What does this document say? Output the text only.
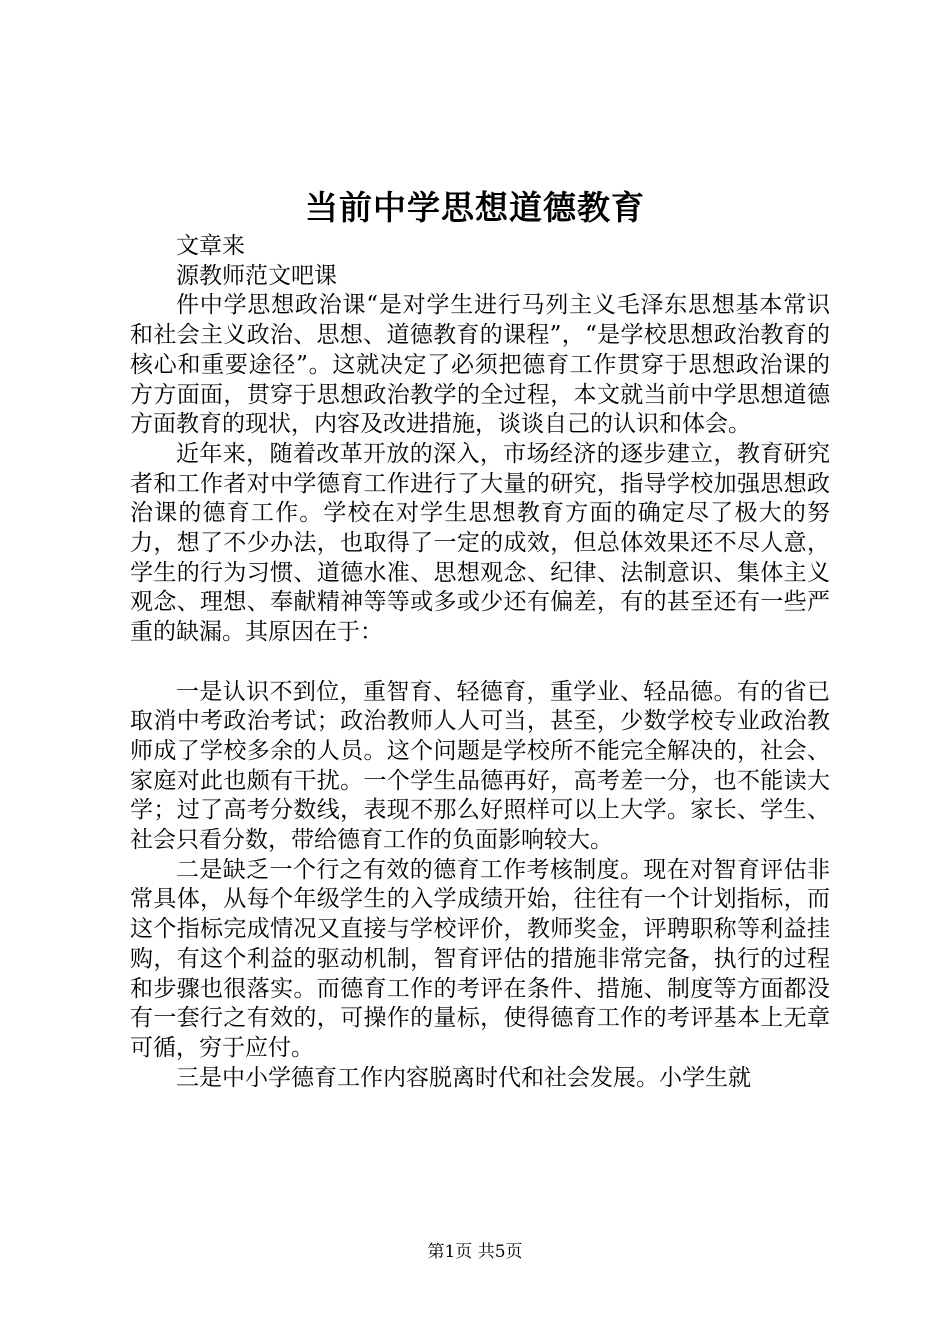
当前中学思想道德教育

文章来

源教师范文吧课

件中学思想政治课“是对学生进行马列主义毛泽东思想基本常识和社会主义政治、思想、道德教育的课程”，“是学校思想政治教育的核心和重要途径”。这就决定了必须把德育工作贯穿于思想政治课的方方面面，贯穿于思想政治教学的全过程，本文就当前中学思想道德方面教育的现状，内容及改进措施，谈谈自己的认识和体会。

近年来，随着改革开放的深入，市场经济的逐步建立，教育研究者和工作者对中学德育工作进行了大量的研究，指导学校加强思想政治课的德育工作。学校在对学生思想教育方面的确定尽了极大的努力，想了不少办法，也取得了一定的成效，但总体效果还不尽人意，学生的行为习惯、道德水准、思想观念、纪律、法制意识、集体主义观念、理想、奉献精神等等或多或少还有偏差，有的甚至还有一些严重的缺漏。其原因在于：

一是认识不到位，重智育、轻德育，重学业、轻品德。有的省已取消中考政治考试；政治教师人人可当，甚至，少数学校专业政治教师成了学校多余的人员。这个问题是学校所不能完全解决的，社会、家庭对此也颇有干扰。一个学生品德再好，高考差一分，也不能读大学；过了高考分数线，表现不那么好照样可以上大学。家长、学生、社会只看分数，带给德育工作的负面影响较大。

二是缺乏一个行之有效的德育工作考核制度。现在对智育评估非常具体，从每个年级学生的入学成绩开始，往往有一个计划指标，而这个指标完成情况又直接与学校评价，教师奖金，评聘职称等利益挂购，有这个利益的驱动机制，智育评估的措施非常完备，执行的过程和步骤也很落实。而德育工作的考评在条件、措施、制度等方面都没有一套行之有效的，可操作的量标，使得德育工作的考评基本上无章可循，穷于应付。

三是中小学德育工作内容脱离时代和社会发展。小学生就

第1页 共5页
